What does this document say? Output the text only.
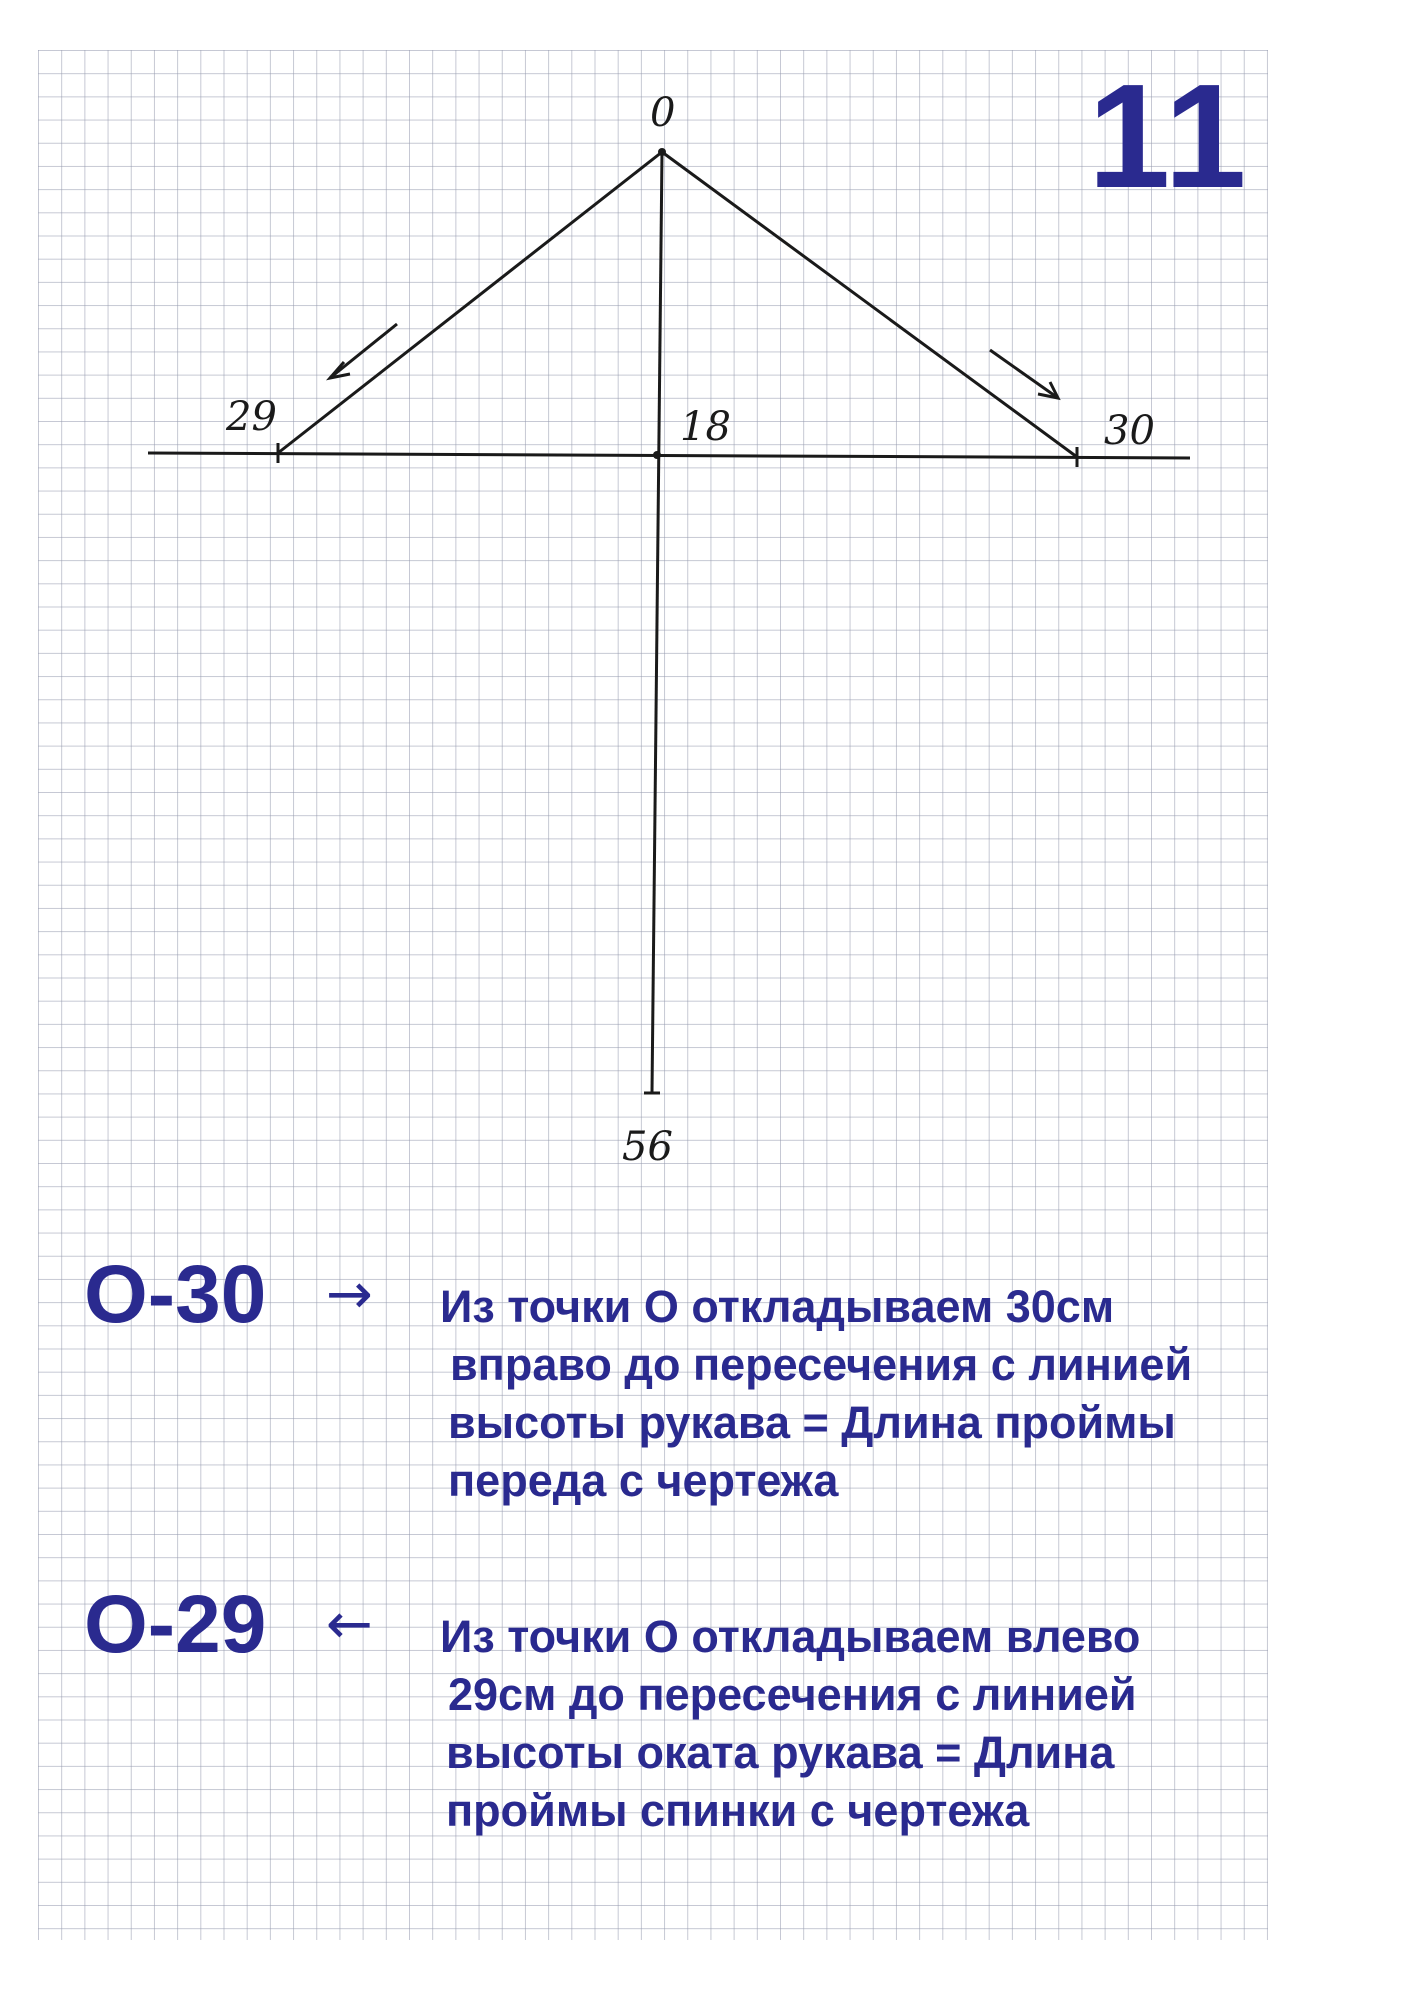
0
29	18	30
56
11
О-30 → Из точки О откладываем 30см
вправо до пересечения с линией
высоты рукава = Длина проймы
переда с чертежа
О-29 ← Из точки О откладываем влево
29см до пересечения с линией
высоты оката рукава = Длина
проймы спинки с чертежа
